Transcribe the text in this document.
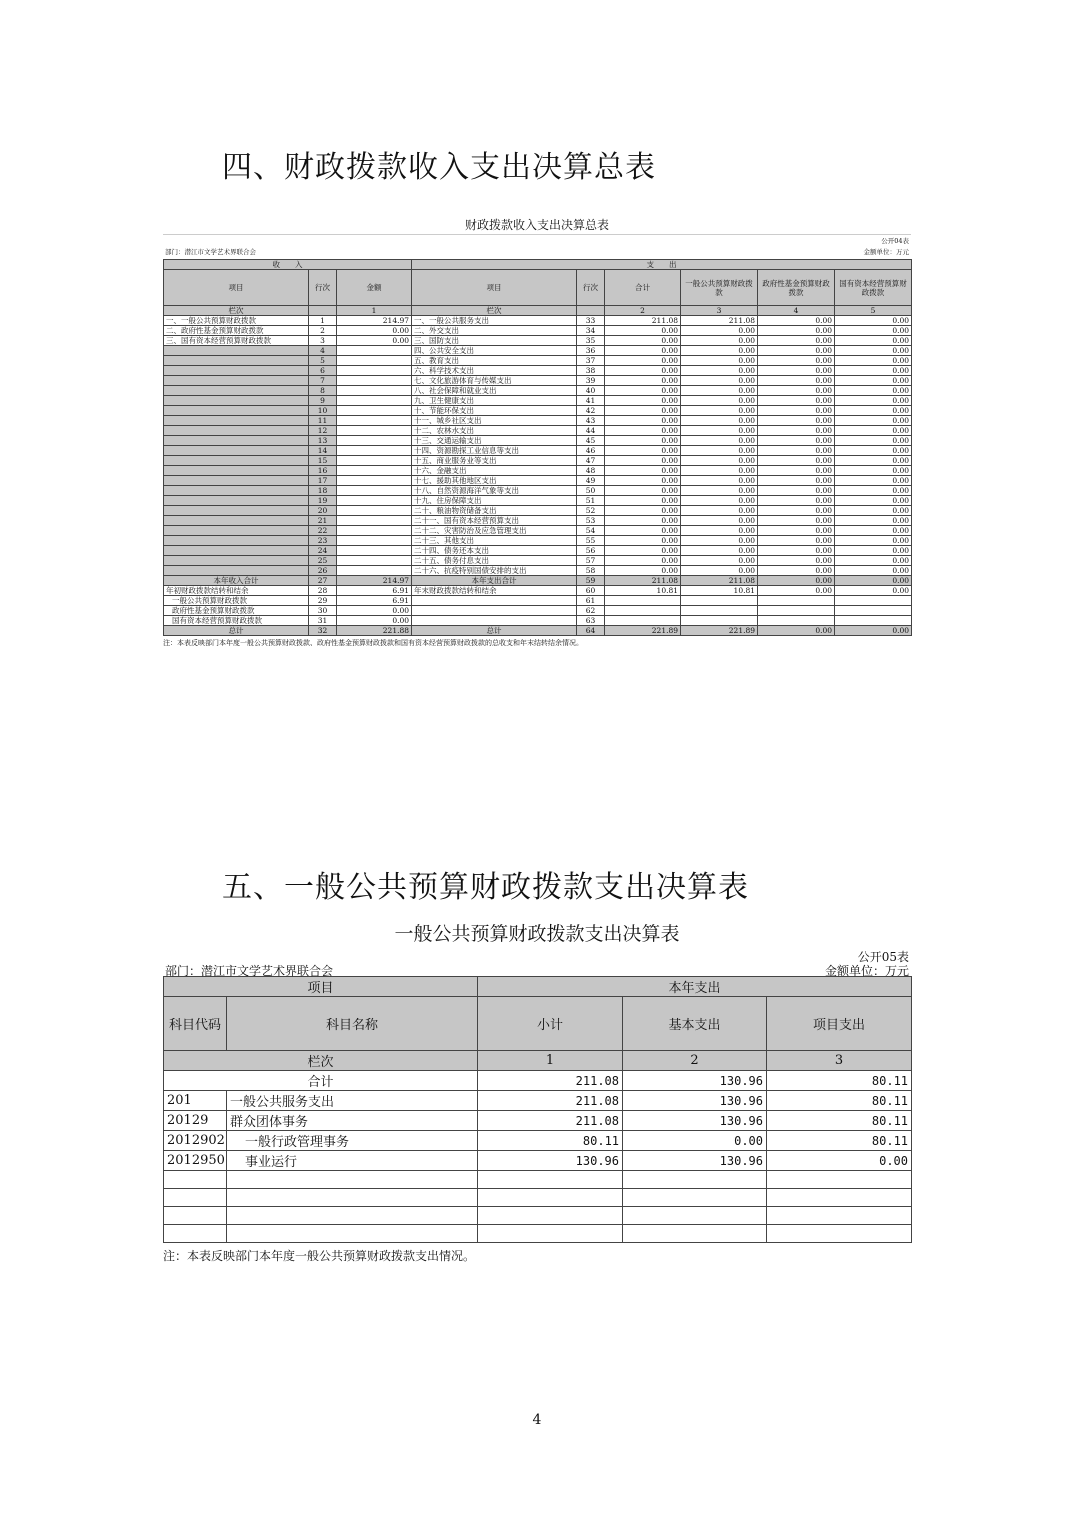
四、财政拨款收入支出决算总表
财政拨款收入支出决算总表
公开04表
部门：潜江市文学艺术界联合会	金额单位：万元
收　　入			支　　出					
项目	行次	金额	项目	行次	合计	一般公共预算财政拨款	政府性基金预算财政拨款	国有资本经营预算财政拨款
栏次		1	栏次		2	3	4	5
一、一般公共预算财政拨款	1	214.97	一、一般公共服务支出	33	211.08	211.08	0.00	0.00
二、政府性基金预算财政拨款	2	0.00	二、外交支出	34	0.00	0.00	0.00	0.00
三、国有资本经营预算财政拨款	3	0.00	三、国防支出	35	0.00	0.00	0.00	0.00
	4		四、公共安全支出	36	0.00	0.00	0.00	0.00
	5		五、教育支出	37	0.00	0.00	0.00	0.00
	6		六、科学技术支出	38	0.00	0.00	0.00	0.00
	7		七、文化旅游体育与传媒支出	39	0.00	0.00	0.00	0.00
	8		八、社会保障和就业支出	40	0.00	0.00	0.00	0.00
	9		九、卫生健康支出	41	0.00	0.00	0.00	0.00
	10		十、节能环保支出	42	0.00	0.00	0.00	0.00
	11		十一、城乡社区支出	43	0.00	0.00	0.00	0.00
	12		十二、农林水支出	44	0.00	0.00	0.00	0.00
	13		十三、交通运输支出	45	0.00	0.00	0.00	0.00
	14		十四、资源勘探工业信息等支出	46	0.00	0.00	0.00	0.00
	15		十五、商业服务业等支出	47	0.00	0.00	0.00	0.00
	16		十六、金融支出	48	0.00	0.00	0.00	0.00
	17		十七、援助其他地区支出	49	0.00	0.00	0.00	0.00
	18		十八、自然资源海洋气象等支出	50	0.00	0.00	0.00	0.00
	19		十九、住房保障支出	51	0.00	0.00	0.00	0.00
	20		二十、粮油物资储备支出	52	0.00	0.00	0.00	0.00
	21		二十一、国有资本经营预算支出	53	0.00	0.00	0.00	0.00
	22		二十二、灾害防治及应急管理支出	54	0.00	0.00	0.00	0.00
	23		二十三、其他支出	55	0.00	0.00	0.00	0.00
	24		二十四、债务还本支出	56	0.00	0.00	0.00	0.00
	25		二十五、债务付息支出	57	0.00	0.00	0.00	0.00
	26		二十六、抗疫特别国债安排的支出	58	0.00	0.00	0.00	0.00
本年收入合计	27	214.97	本年支出合计	59	211.08	211.08	0.00	0.00
年初财政拨款结转和结余	28	6.91	年末财政拨款结转和结余	60	10.81	10.81	0.00	0.00
一般公共预算财政拨款	29	6.91		61				
政府性基金预算财政拨款	30	0.00		62				
国有资本经营预算财政拨款	31	0.00		63				
总计	32	221.88	总计	64	221.89	221.89	0.00	0.00
注：本表反映部门本年度一般公共预算财政拨款、政府性基金预算财政拨款和国有资本经营预算财政拨款的总收支和年末结转结余情况。
五、一般公共预算财政拨款支出决算表
一般公共预算财政拨款支出决算表
公开05表
部门：潜江市文学艺术界联合会	金额单位：万元
项目		本年支出		
科目代码	科目名称	小计	基本支出	项目支出
栏次		1	2	3
合计		211.08	130.96	80.11
201	一般公共服务支出	211.08	130.96	80.11
20129	群众团体事务	211.08	130.96	80.11
2012902	一般行政管理事务	80.11	0.00	80.11
2012950	事业运行	130.96	130.96	0.00

注：本表反映部门本年度一般公共预算财政拨款支出情况。
4
